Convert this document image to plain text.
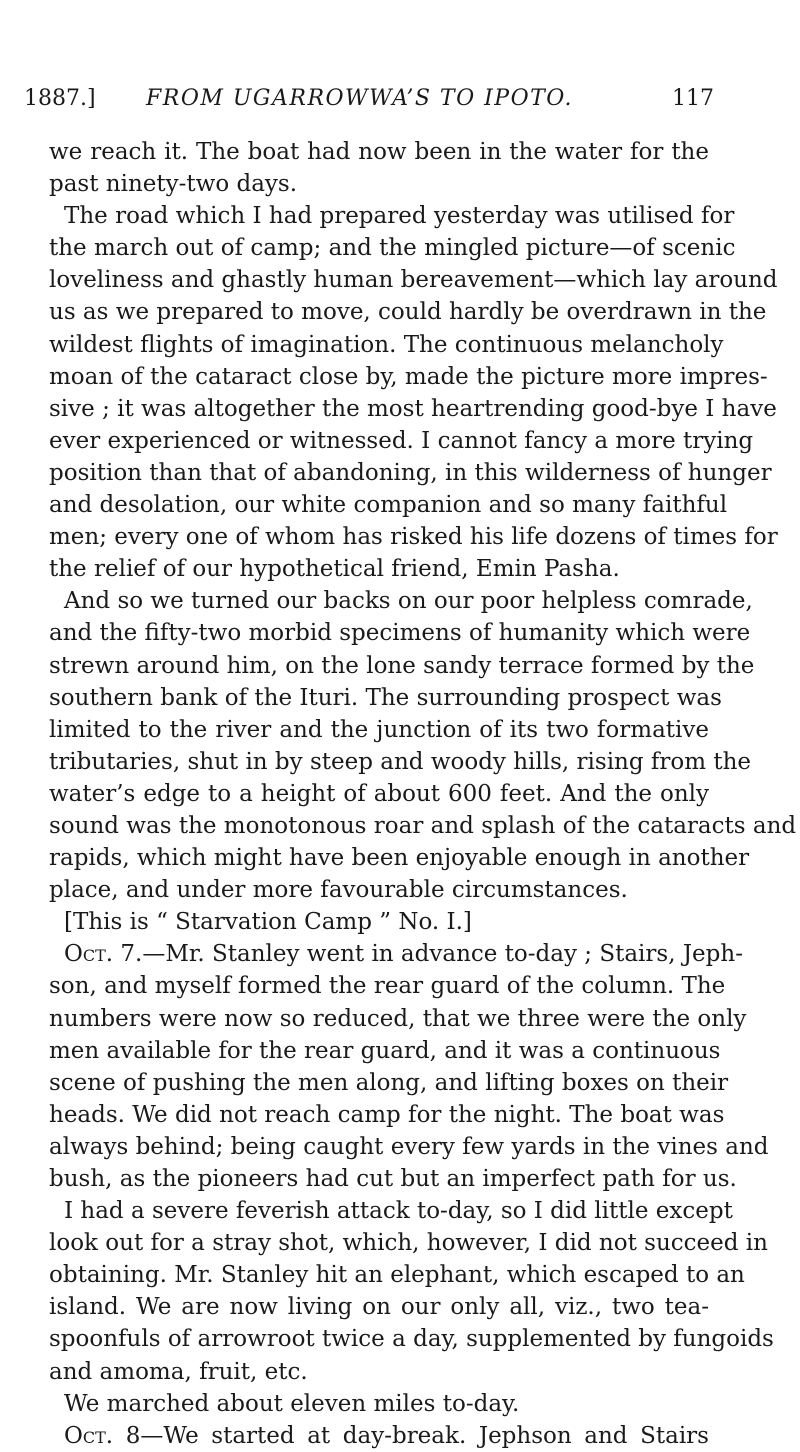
1887.] FROM UGARROWWA’S TO IPOTO.	117
we reach it. The boat had now been in the water for the
past ninety-two days.
The road which I had prepared yesterday was utilised for
the march out of camp; and the mingled picture—of scenic
loveliness and ghastly human bereavement—which lay around
us as we prepared to move, could hardly be overdrawn in the
wildest flights of imagination. The continuous melancholy
moan of the cataract close by, made the picture more impres-
sive ; it was altogether the most heartrending good-bye I have
ever experienced or witnessed. I cannot fancy a more trying
position than that of abandoning, in this wilderness of hunger
and desolation, our white companion and so many faithful
men; every one of whom has risked his life dozens of times for
the relief of our hypothetical friend, Emin Pasha.
And so we turned our backs on our poor helpless comrade,
and the fifty-two morbid specimens of humanity which were
strewn around him, on the lone sandy terrace formed by the
southern bank of the Ituri. The surrounding prospect was
limited to the river and the junction of its two formative
tributaries, shut in by steep and woody hills, rising from the
water’s edge to a height of about 600 feet. And the only
sound was the monotonous roar and splash of the cataracts and
rapids, which might have been enjoyable enough in another
place, and under more favourable circumstances.
[This is “ Starvation Camp ” No. I.]
Oct. 7.—Mr. Stanley went in advance to-day ; Stairs, Jeph-
son, and myself formed the rear guard of the column. The
numbers were now so reduced, that we three were the only
men available for the rear guard, and it was a continuous
scene of pushing the men along, and lifting boxes on their
heads. We did not reach camp for the night. The boat was
always behind; being caught every few yards in the vines and
bush, as the pioneers had cut but an imperfect path for us.
I had a severe feverish attack to-day, so I did little except
look out for a stray shot, which, however, I did not succeed in
obtaining. Mr. Stanley hit an elephant, which escaped to an
island. We are now living on our only all, viz., two tea-
spoonfuls of arrowroot twice a day, supplemented by fungoids
and amoma, fruit, etc.
We marched about eleven miles to-day.
Oct. 8—We started at day-break. Jephson and Stairs
